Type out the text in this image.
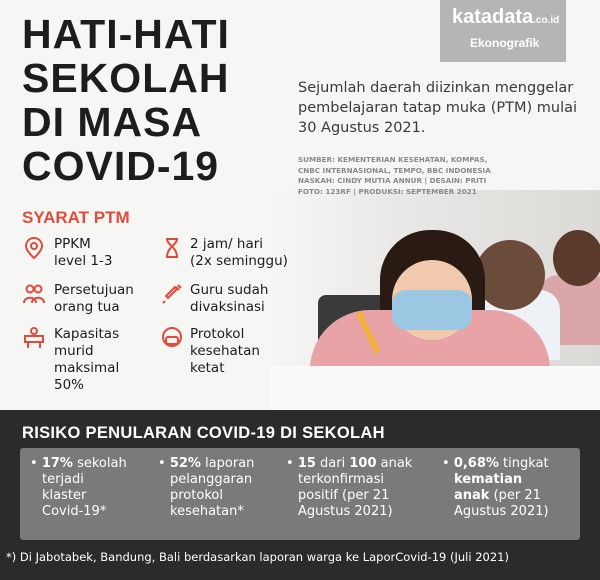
HATI-HATI
SEKOLAH
DI MASA
COVID-19
katadata.co.id
Ekonografik

Sejumlah daerah diizinkan menggelar pembelajaran tatap muka (PTM) mulai 30 Agustus 2021.

SUMBER: KEMENTERIAN KESEHATAN, KOMPAS,
CNBC INTERNASIONAL, TEMPO, BBC INDONESIA
NASKAH: CINDY MUTIA ANNUR | DESAIN: PRITI
FOTO: 123RF | PRODUKSI: SEPTEMBER 2021
SYARAT PTM
PPKM
level 1-3
2 jam/ hari
(2x seminggu)
Persetujuan
orang tua
Guru sudah
divaksinasi
Kapasitas
murid
maksimal
50%
Protokol
kesehatan
ketat
RISIKO PENULARAN COVID-19 DI SEKOLAH
• 17% sekolah
terjadi
klaster
Covid-19*
• 52% laporan
pelanggaran
protokol
kesehatan*
• 15 dari 100 anak
terkonfirmasi
positif (per 21
Agustus 2021)
• 0,68% tingkat
kematian
anak (per 21
Agustus 2021)
*) Di Jabotabek, Bandung, Bali berdasarkan laporan warga ke LaporCovid-19 (Juli 2021)
